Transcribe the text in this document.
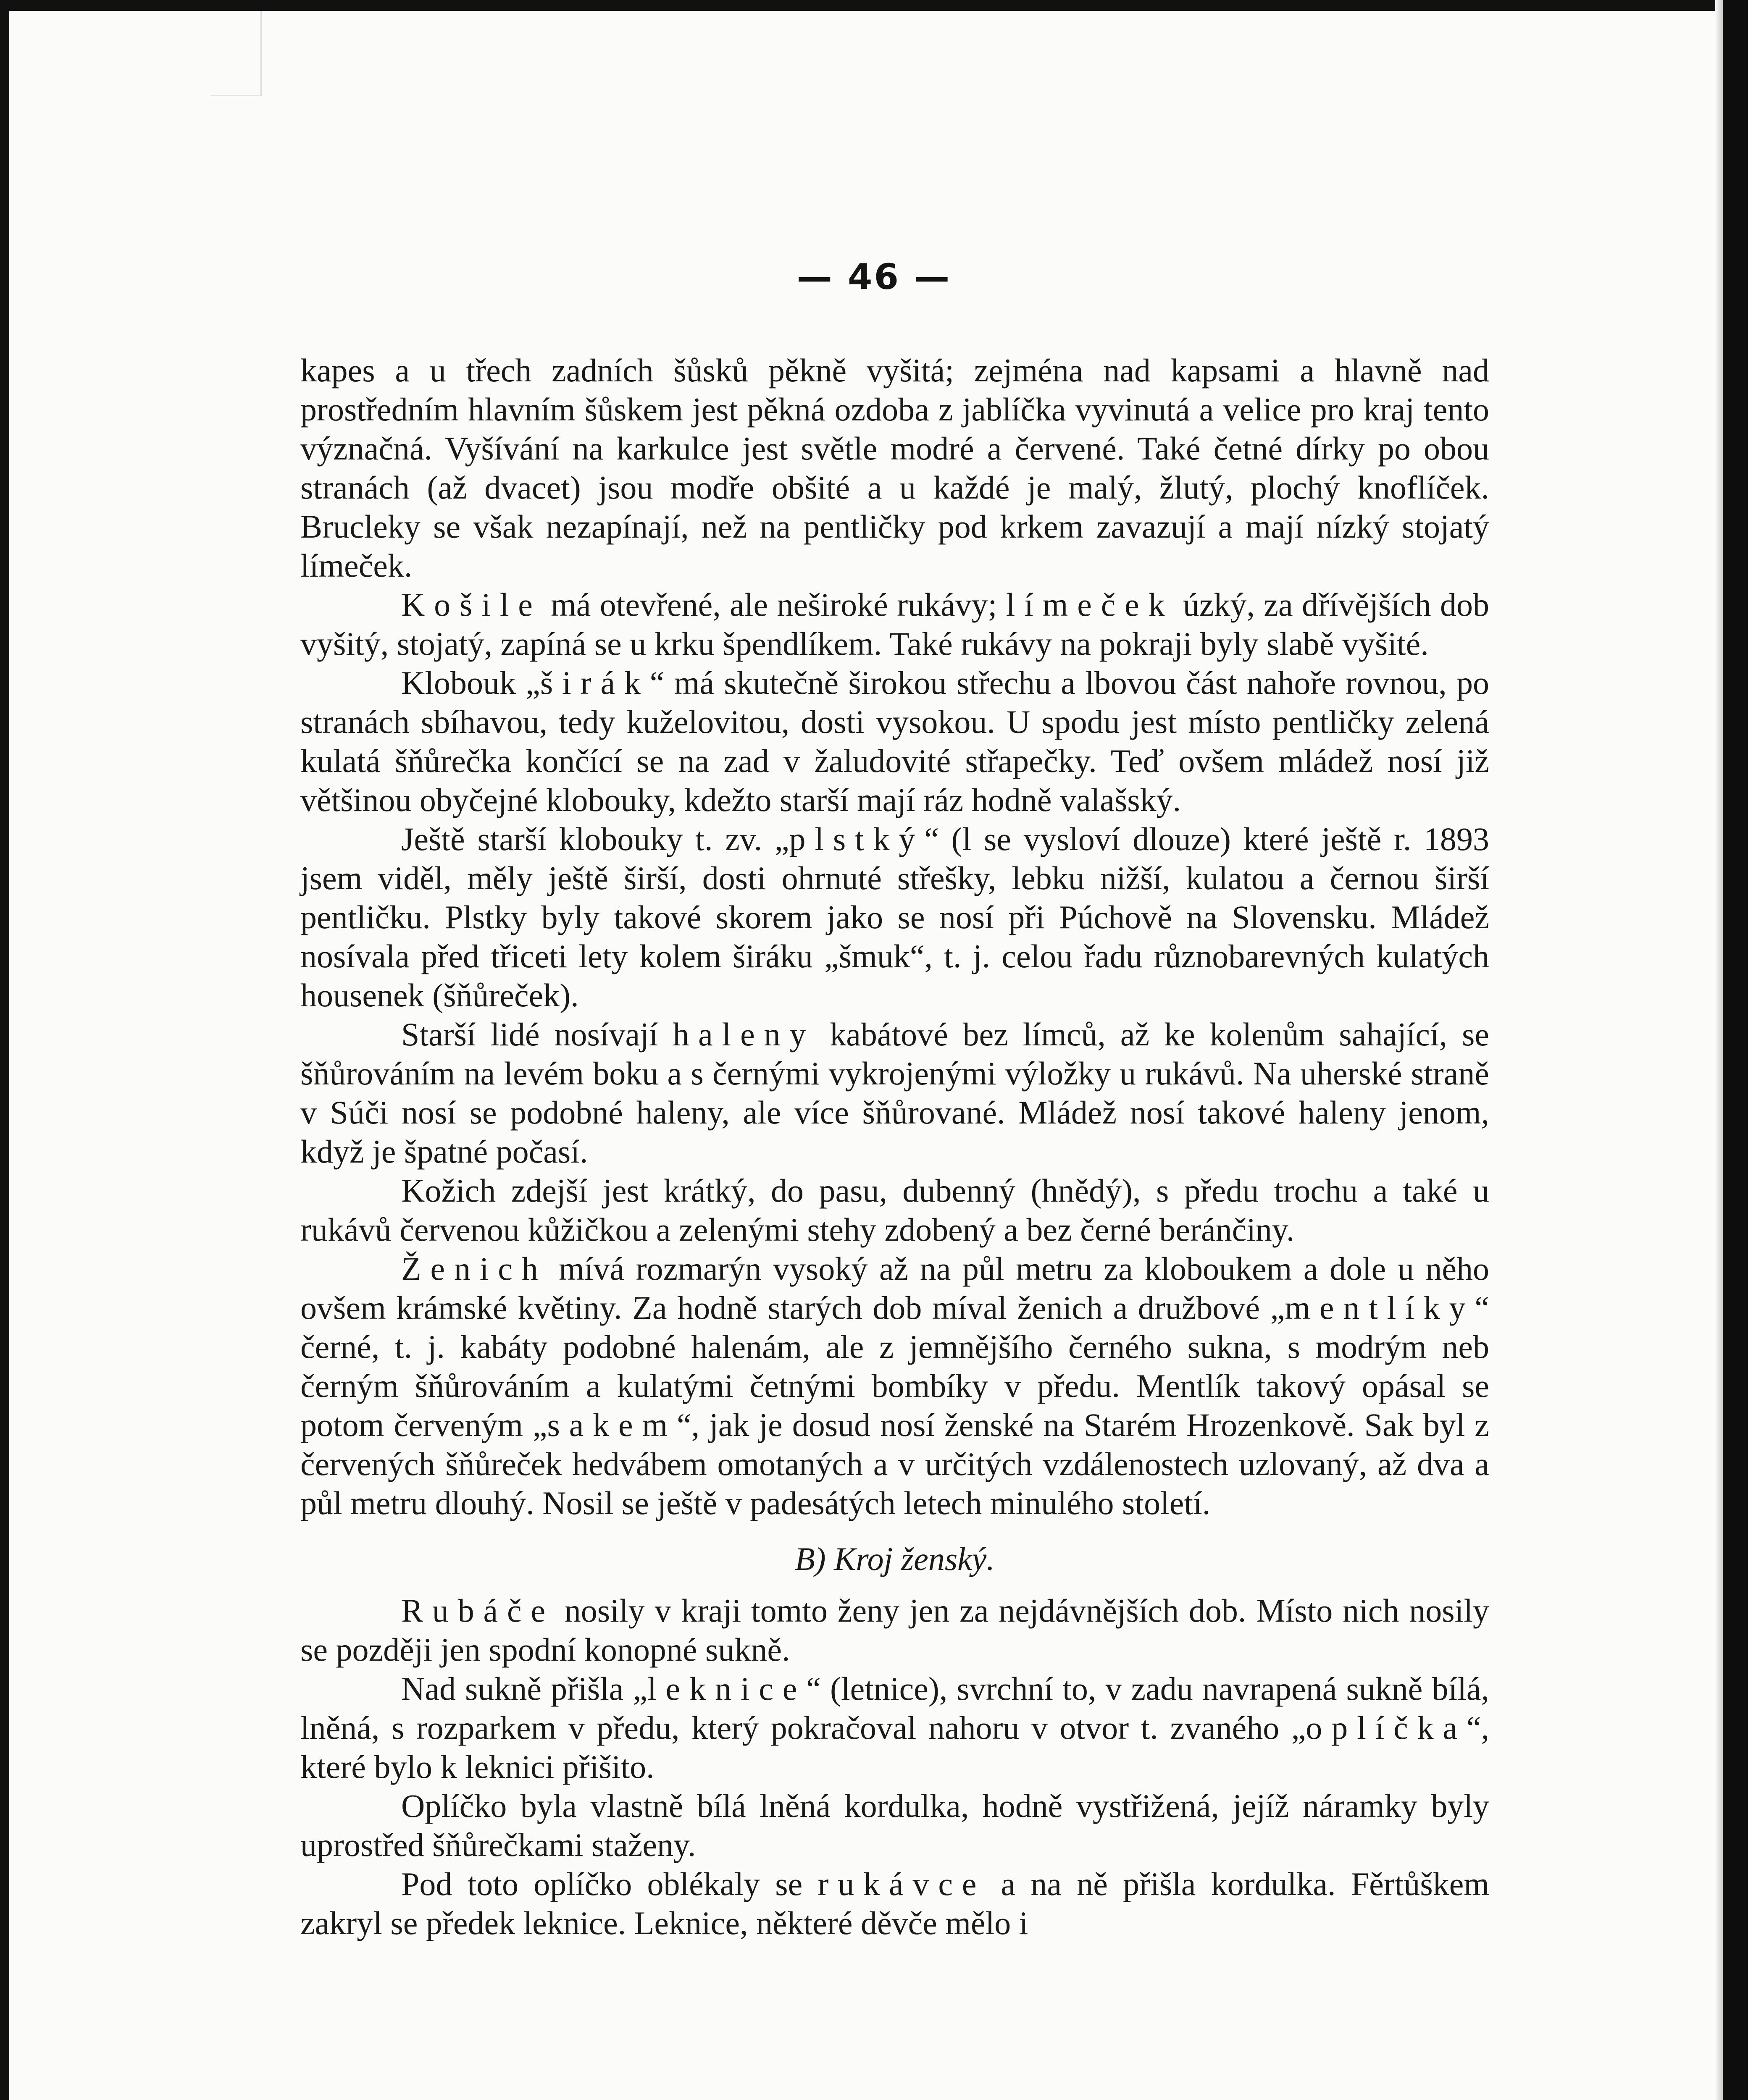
— 46 —

kapes a u třech zadních šůsků pěkně vyšitá; zejména nad kapsami a hlavně nad prostředním hlavním šůskem jest pěkná ozdoba z jablíčka vyvinutá a velice pro kraj tento význačná. Vyšívání na karkulce jest světle modré a červené. Také četné dírky po obou stranách (až dvacet) jsou modře obšité a u každé je malý, žlutý, plochý knoflíček. Brucleky se však nezapínají, než na pentličky pod krkem zavazují a mají nízký stojatý límeček.

Košile má otevřené, ale neširoké rukávy; límeček úzký, za dřívějších dob vyšitý, stojatý, zapíná se u krku špendlíkem. Také rukávy na pokraji byly slabě vyšité.

Klobouk „širák“ má skutečně širokou střechu a lbovou část nahoře rovnou, po stranách sbíhavou, tedy kuželovitou, dosti vysokou. U spodu jest místo pentličky zelená kulatá šňůrečka končící se na zad v žaludovité střapečky. Teď ovšem mládež nosí již většinou obyčejné klobouky, kdežto starší mají ráz hodně valašský.

Ještě starší klobouky t. zv. „plstký“ (l se vysloví dlouze) které ještě r. 1893 jsem viděl, měly ještě širší, dosti ohrnuté střešky, lebku nižší, kulatou a černou širší pentličku. Plstky byly takové skorem jako se nosí při Púchově na Slovensku. Mládež nosívala před třiceti lety kolem širáku „šmuk“, t. j. celou řadu různobarevných kulatých housenek (šňůreček).

Starší lidé nosívají haleny kabátové bez límců, až ke kolenům sahající, se šňůrováním na levém boku a s černými vykrojenými výložky u rukávů. Na uherské straně v Súči nosí se podobné haleny, ale více šňůrované. Mládež nosí takové haleny jenom, když je špatné počasí.

Kožich zdejší jest krátký, do pasu, dubenný (hnědý), s předu trochu a také u rukávů červenou kůžičkou a zelenými stehy zdobený a bez černé beránčiny.

Ženich mívá rozmarýn vysoký až na půl metru za kloboukem a dole u něho ovšem krámské květiny. Za hodně starých dob míval ženich a družbové „mentlíky“ černé, t. j. kabáty podobné halenám, ale z jemnějšího černého sukna, s modrým neb černým šňůrováním a kulatými četnými bombíky v předu. Mentlík takový opásal se potom červeným „sakem“, jak je dosud nosí ženské na Starém Hrozenkově. Sak byl z červených šňůreček hedvábem omotaných a v určitých vzdálenostech uzlovaný, až dva a půl metru dlouhý. Nosil se ještě v padesátých letech minulého století.

B) Kroj ženský.

Rubáče nosily v kraji tomto ženy jen za nejdávnějších dob. Místo nich nosily se později jen spodní konopné sukně.

Nad sukně přišla „leknice“ (letnice), svrchní to, v zadu navrapená sukně bílá, lněná, s rozparkem v předu, který pokračoval nahoru v otvor t. zvaného „oplíčka“, které bylo k leknici přišito.

Oplíčko byla vlastně bílá lněná kordulka, hodně vystřižená, jejíž náramky byly uprostřed šňůrečkami staženy.

Pod toto oplíčko oblékaly se rukávce a na ně přišla kordulka. Fěrtůškem zakryl se předek leknice. Leknice, některé děvče mělo i
